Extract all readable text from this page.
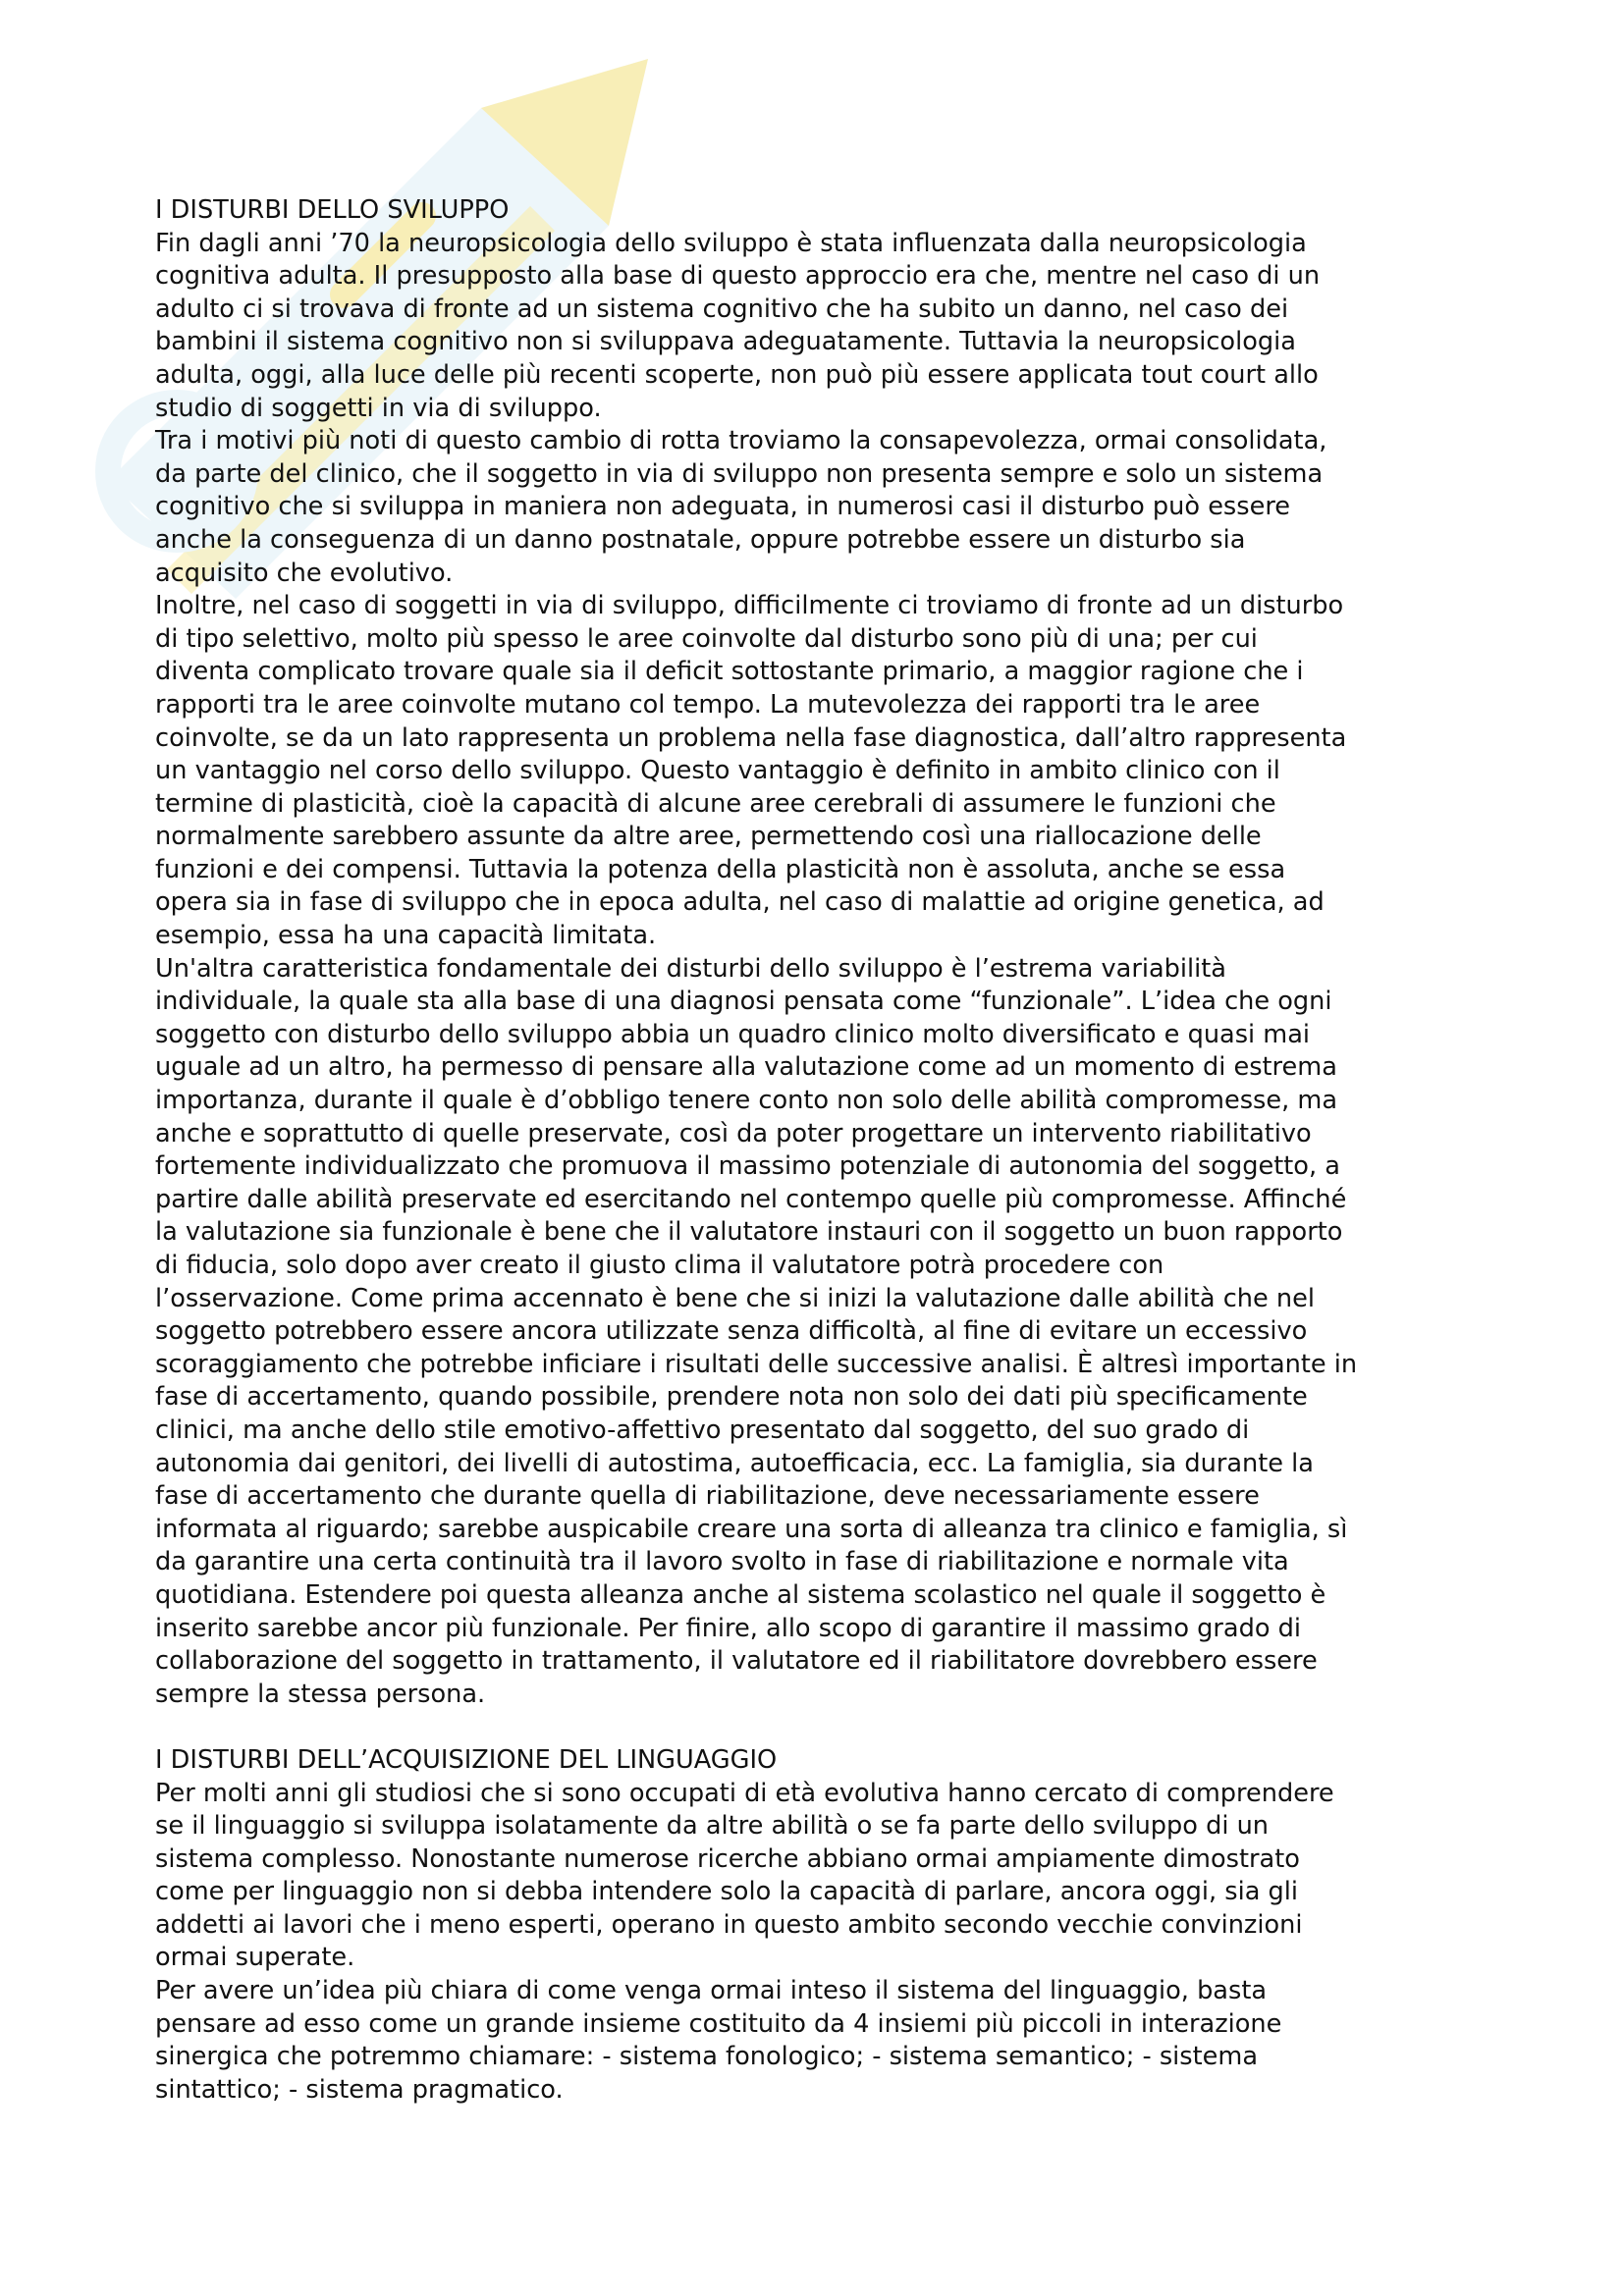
I DISTURBI DELLO SVILUPPO
Fin dagli anni ’70 la neuropsicologia dello sviluppo è stata influenzata dalla neuropsicologia
cognitiva adulta. Il presupposto alla base di questo approccio era che, mentre nel caso di un
adulto ci si trovava di fronte ad un sistema cognitivo che ha subito un danno, nel caso dei
bambini il sistema cognitivo non si sviluppava adeguatamente. Tuttavia la neuropsicologia
adulta, oggi, alla luce delle più recenti scoperte, non può più essere applicata tout court allo
studio di soggetti in via di sviluppo.
Tra i motivi più noti di questo cambio di rotta troviamo la consapevolezza, ormai consolidata,
da parte del clinico, che il soggetto in via di sviluppo non presenta sempre e solo un sistema
cognitivo che si sviluppa in maniera non adeguata, in numerosi casi il disturbo può essere
anche la conseguenza di un danno postnatale, oppure potrebbe essere un disturbo sia
acquisito che evolutivo.
Inoltre, nel caso di soggetti in via di sviluppo, difficilmente ci troviamo di fronte ad un disturbo
di tipo selettivo, molto più spesso le aree coinvolte dal disturbo sono più di una; per cui
diventa complicato trovare quale sia il deficit sottostante primario, a maggior ragione che i
rapporti tra le aree coinvolte mutano col tempo. La mutevolezza dei rapporti tra le aree
coinvolte, se da un lato rappresenta un problema nella fase diagnostica, dall’altro rappresenta
un vantaggio nel corso dello sviluppo. Questo vantaggio è definito in ambito clinico con il
termine di plasticità, cioè la capacità di alcune aree cerebrali di assumere le funzioni che
normalmente sarebbero assunte da altre aree, permettendo così una riallocazione delle
funzioni e dei compensi. Tuttavia la potenza della plasticità non è assoluta, anche se essa
opera sia in fase di sviluppo che in epoca adulta, nel caso di malattie ad origine genetica, ad
esempio, essa ha una capacità limitata.
Un'altra caratteristica fondamentale dei disturbi dello sviluppo è l’estrema variabilità
individuale, la quale sta alla base di una diagnosi pensata come “funzionale”. L’idea che ogni
soggetto con disturbo dello sviluppo abbia un quadro clinico molto diversificato e quasi mai
uguale ad un altro, ha permesso di pensare alla valutazione come ad un momento di estrema
importanza, durante il quale è d’obbligo tenere conto non solo delle abilità compromesse, ma
anche e soprattutto di quelle preservate, così da poter progettare un intervento riabilitativo
fortemente individualizzato che promuova il massimo potenziale di autonomia del soggetto, a
partire dalle abilità preservate ed esercitando nel contempo quelle più compromesse. Affinché
la valutazione sia funzionale è bene che il valutatore instauri con il soggetto un buon rapporto
di fiducia, solo dopo aver creato il giusto clima il valutatore potrà procedere con
l’osservazione. Come prima accennato è bene che si inizi la valutazione dalle abilità che nel
soggetto potrebbero essere ancora utilizzate senza difficoltà, al fine di evitare un eccessivo
scoraggiamento che potrebbe inficiare i risultati delle successive analisi. È altresì importante in
fase di accertamento, quando possibile, prendere nota non solo dei dati più specificamente
clinici, ma anche dello stile emotivo-affettivo presentato dal soggetto, del suo grado di
autonomia dai genitori, dei livelli di autostima, autoefficacia, ecc. La famiglia, sia durante la
fase di accertamento che durante quella di riabilitazione, deve necessariamente essere
informata al riguardo; sarebbe auspicabile creare una sorta di alleanza tra clinico e famiglia, sì
da garantire una certa continuità tra il lavoro svolto in fase di riabilitazione e normale vita
quotidiana. Estendere poi questa alleanza anche al sistema scolastico nel quale il soggetto è
inserito sarebbe ancor più funzionale. Per finire, allo scopo di garantire il massimo grado di
collaborazione del soggetto in trattamento, il valutatore ed il riabilitatore dovrebbero essere
sempre la stessa persona.
I DISTURBI DELL’ACQUISIZIONE DEL LINGUAGGIO
Per molti anni gli studiosi che si sono occupati di età evolutiva hanno cercato di comprendere
se il linguaggio si sviluppa isolatamente da altre abilità o se fa parte dello sviluppo di un
sistema complesso. Nonostante numerose ricerche abbiano ormai ampiamente dimostrato
come per linguaggio non si debba intendere solo la capacità di parlare, ancora oggi, sia gli
addetti ai lavori che i meno esperti, operano in questo ambito secondo vecchie convinzioni
ormai superate.
Per avere un’idea più chiara di come venga ormai inteso il sistema del linguaggio, basta
pensare ad esso come un grande insieme costituito da 4 insiemi più piccoli in interazione
sinergica che potremmo chiamare: - sistema fonologico; - sistema semantico; - sistema
sintattico; - sistema pragmatico.
